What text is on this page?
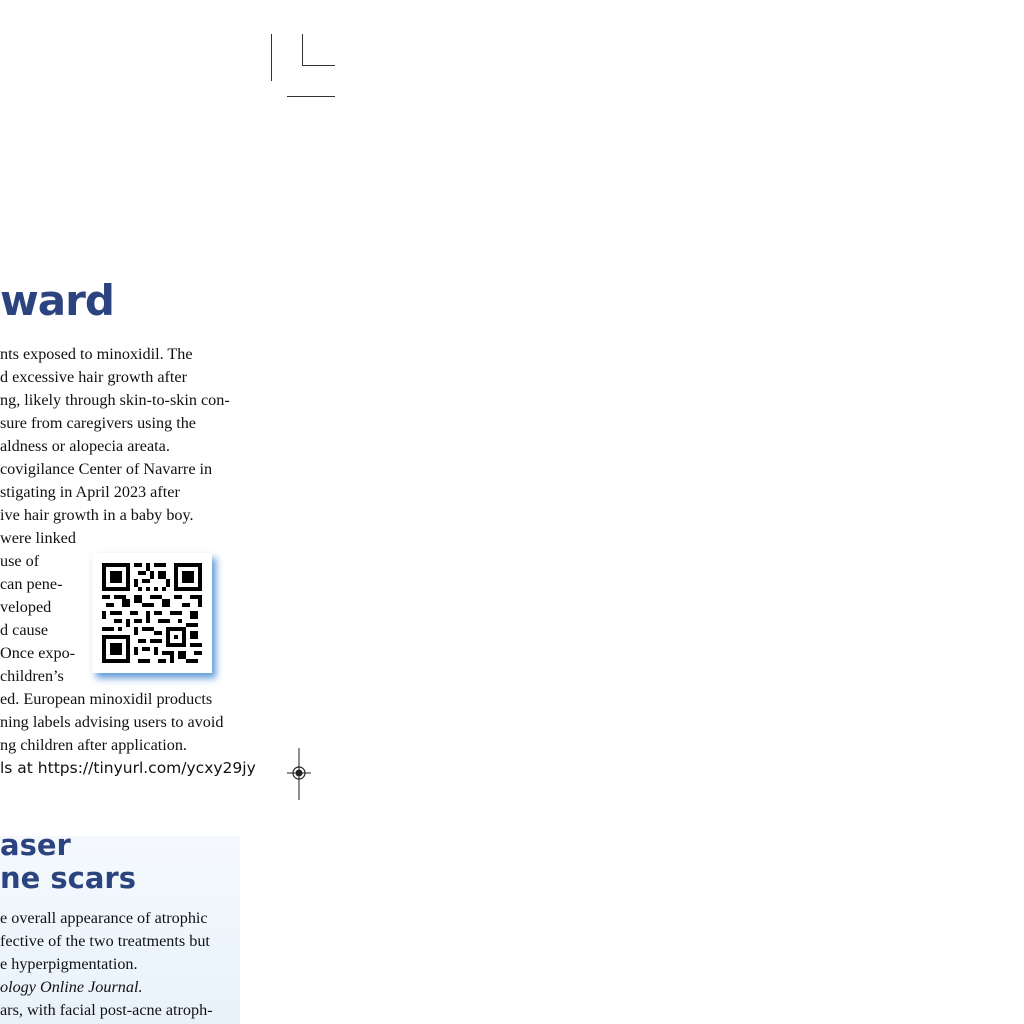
ward
nts exposed to minoxidil. The
d excessive hair growth after
ng, likely through skin-to-skin con-
sure from caregivers using the
aldness or alopecia areata.
covigilance Center of Navarre in
stigating in April 2023 after
ive hair growth in a baby boy.
were linked
use of
can pene-
veloped
d cause
Once expo-
children’s
ed. European minoxidil products
ning labels advising users to avoid
ng children after application.
ls at https://tinyurl.com/ycxy29jy
aser
ne scars
e overall appearance of atrophic
fective of the two treatments but
e hyperpigmentation.
ology Online Journal.
ars, with facial post-acne atroph-
